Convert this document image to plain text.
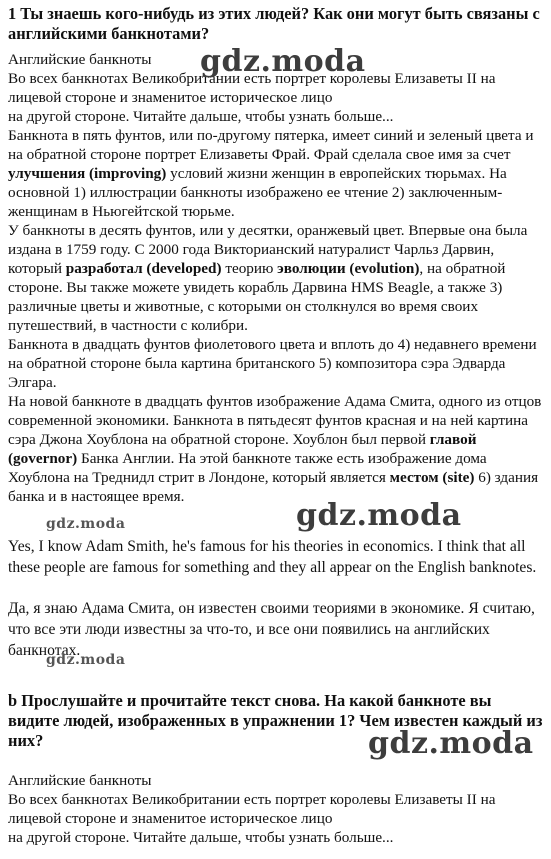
1 Ты знаешь кого-нибудь из этих людей? Как они могут быть связаны с английскими банкнотами?

Английские банкноты

Во всех банкнотах Великобритании есть портрет королевы Елизаветы II на

лицевой стороне и знаменитое историческое лицо

на другой стороне. Читайте дальше, чтобы узнать больше...

Банкнота в пять фунтов, или по-другому пятерка, имеет синий и зеленый цвета и на обратной стороне портрет Елизаветы Фрай. Фрай сделала свое имя за счет улучшения (improving) условий жизни женщин в европейских тюрьмах. На основной 1) иллюстрации банкноты изображено ее чтение 2) заключенным-женщинам в Ньюгейтской тюрьме.

У банкноты в десять фунтов, или у десятки, оранжевый цвет. Впервые она была издана в 1759 году. С 2000 года Викторианский натуралист Чарльз Дарвин, который разработал (developed) теорию эволюции (evolution), на обратной стороне. Вы также можете увидеть корабль Дарвина HMS Beagle, а также 3) различные цветы и животные, с которыми он столкнулся во время своих путешествий, в частности с колибри.

Банкнота в двадцать фунтов фиолетового цвета и вплоть до 4) недавнего времени на обратной стороне была картина британского 5) композитора сэра Эдварда Элгара.

На новой банкноте в двадцать фунтов изображение Адама Смита, одного из отцов современной экономики. Банкнота в пятьдесят фунтов красная и на ней картина сэра Джона Хоублона на обратной стороне. Хоублон был первой главой (governor) Банка Англии. На этой банкноте также есть изображение дома Хоублона на Треднидл стрит в Лондоне, который является местом (site) 6) здания банка и в настоящее время.

Yes, I know Adam Smith, he's famous for his theories in economics. I think that all these people are famous for something and they all appear on the English banknotes.

Да, я знаю Адама Смита, он известен своими теориями в экономике. Я считаю, что все эти люди известны за что-то, и все они появились на английских банкнотах.

b Прослушайте и прочитайте текст снова. На какой банкноте вы видите людей, изображенных в упражнении 1? Чем известен каждый из них?

Английские банкноты

Во всех банкнотах Великобритании есть портрет королевы Елизаветы II на

лицевой стороне и знаменитое историческое лицо

на другой стороне. Читайте дальше, чтобы узнать больше...

gdz.moda
gdz.moda
gdz.moda
gdz.moda
gdz.moda
